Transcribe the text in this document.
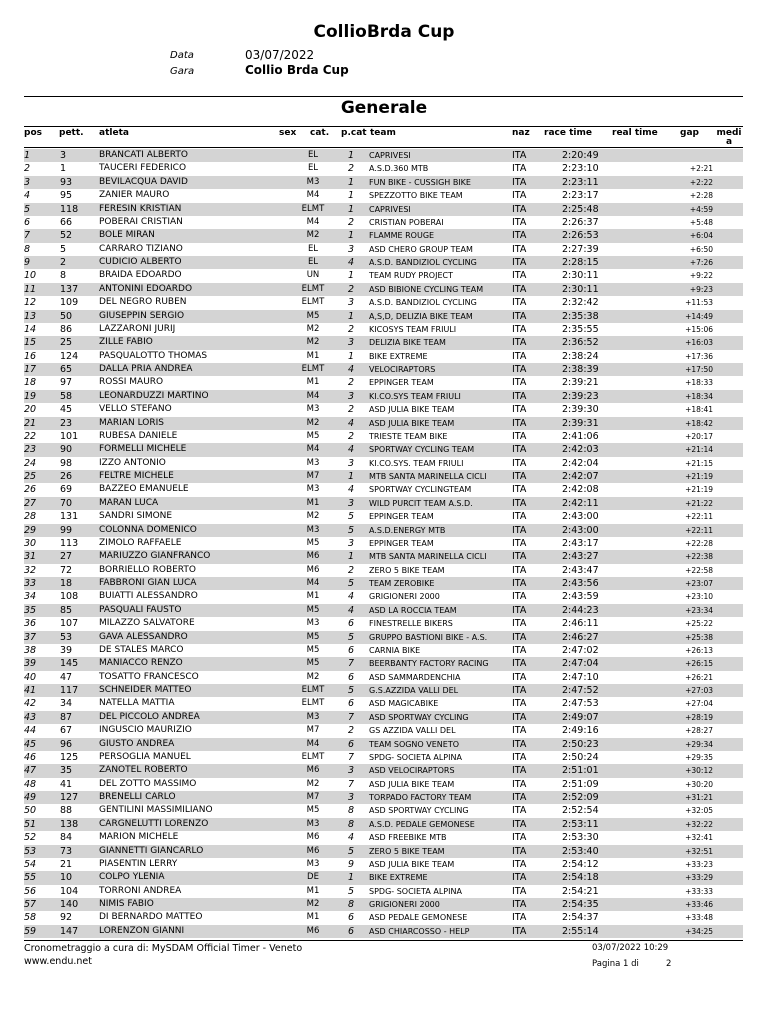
CollioBrda Cup
Data	03/07/2022
Gara	Collio Brda Cup
Generale
pos pett. atleta	sex cat. p.cat team	naz race time real time gap medi a
1	3	BRANCATI ALBERTO	EL	1	CAPRIVESI	ITA	2:20:49
2	1	TAUCERI FEDERICO	EL	2	A.S.D.360 MTB	ITA	2:23:10	+2:21
3	93	BEVILACQUA DAVID	M3	1	FUN BIKE - CUSSIGH BIKE	ITA	2:23:11	+2:22
4	95	ZANIER MAURO	M4	1	SPEZZOTTO BIKE TEAM	ITA	2:23:17	+2:28
5	118 FERESIN KRISTIAN	ELMT	1	CAPRIVESI	ITA	2:25:48	+4:59
6	66	POBERAI CRISTIAN	M4	2	CRISTIAN POBERAI	ITA	2:26:37	+5:48
7	52	BOLE MIRAN	M2	1	FLAMME ROUGE	ITA	2:26:53	+6:04
8	5	CARRARO TIZIANO	EL	3	ASD CHERO GROUP TEAM	ITA	2:27:39	+6:50
9	2	CUDICIO ALBERTO	EL	4	A.S.D. BANDIZIOL CYCLING	ITA	2:28:15	+7:26
10	8	BRAIDA EDOARDO	UN	1	TEAM RUDY PROJECT	ITA	2:30:11	+9:22
11	137 ANTONINI EDOARDO	ELMT	2	ASD BIBIONE CYCLING TEAM	ITA	2:30:11	+9:23
12	109 DEL NEGRO RUBEN	ELMT	3	A.S.D. BANDIZIOL CYCLING	ITA	2:32:42	+11:53
13	50	GIUSEPPIN SERGIO	M5	1	A,S,D, DELIZIA BIKE TEAM	ITA	2:35:38	+14:49
14	86	LAZZARONI JURIJ	M2	2	KICOSYS TEAM FRIULI	ITA	2:35:55	+15:06
15	25	ZILLE FABIO	M2	3	DELIZIA BIKE TEAM	ITA	2:36:52	+16:03
16	124 PASQUALOTTO THOMAS	M1	1	BIKE EXTREME	ITA	2:38:24	+17:36
17	65	DALLA PRIA ANDREA	ELMT	4	VELOCIRAPTORS	ITA	2:38:39	+17:50
18	97	ROSSI MAURO	M1	2	EPPINGER TEAM	ITA	2:39:21	+18:33
19	58	LEONARDUZZI MARTINO	M4	3	KI.CO.SYS TEAM FRIULI	ITA	2:39:23	+18:34
20	45	VELLO STEFANO	M3	2	ASD JULIA BIKE TEAM	ITA	2:39:30	+18:41
21	23	MARIAN LORIS	M2	4	ASD JULIA BIKE TEAM	ITA	2:39:31	+18:42
22	101 RUBESA DANIELE	M5	2	TRIESTE TEAM BIKE	ITA	2:41:06	+20:17
23	90	FORMELLI MICHELE	M4	4	SPORTWAY CYCLING TEAM	ITA	2:42:03	+21:14
24	98	IZZO ANTONIO	M3	3	KI.CO.SYS. TEAM FRIULI	ITA	2:42:04	+21:15
25	26	FELTRE MICHELE	M7	1	MTB SANTA MARINELLA CICLI	ITA	2:42:07	+21:19
26	69	BAZZEO EMANUELE	M3	4	SPORTWAY CYCLINGTEAM	ITA	2:42:08	+21:19
27	70	MARAN LUCA	M1	3	WILD PURCIT TEAM A.S.D.	ITA	2:42:11	+21:22
28	131 SANDRI SIMONE	M2	5	EPPINGER TEAM	ITA	2:43:00	+22:11
29	99	COLONNA DOMENICO	M3	5	A.S.D.ENERGY MTB	ITA	2:43:00	+22:11
30	113 ZIMOLO RAFFAELE	M5	3	EPPINGER TEAM	ITA	2:43:17	+22:28
31	27	MARIUZZO GIANFRANCO	M6	1	MTB SANTA MARINELLA CICLI	ITA	2:43:27	+22:38
32	72	BORRIELLO ROBERTO	M6	2	ZERO 5 BIKE TEAM	ITA	2:43:47	+22:58
33	18	FABBRONI GIAN LUCA	M4	5	TEAM ZEROBIKE	ITA	2:43:56	+23:07
34	108 BUIATTI ALESSANDRO	M1	4	GRIGIONERI 2000	ITA	2:43:59	+23:10
35	85	PASQUALI FAUSTO	M5	4	ASD LA ROCCIA TEAM	ITA	2:44:23	+23:34
36	107 MILAZZO SALVATORE	M3	6	FINESTRELLE BIKERS	ITA	2:46:11	+25:22
37	53	GAVA ALESSANDRO	M5	5	GRUPPO BASTIONI BIKE - A.S.	ITA	2:46:27	+25:38
38	39	DE STALES MARCO	M5	6	CARNIA BIKE	ITA	2:47:02	+26:13
39	145 MANIACCO RENZO	M5	7	BEERBANTY FACTORY RACING ITA	2:47:04	+26:15
40	47	TOSATTO FRANCESCO	M2	6	ASD SAMMARDENCHIA	ITA	2:47:10	+26:21
41	117 SCHNEIDER MATTEO	ELMT	5	G.S.AZZIDA VALLI DEL	ITA	2:47:52	+27:03
42	34	NATELLA MATTIA	ELMT	6	ASD MAGICABIKE	ITA	2:47:53	+27:04
43	87	DEL PICCOLO ANDREA	M3	7	ASD SPORTWAY CYCLING	ITA	2:49:07	+28:19
44	67	INGUSCIO MAURIZIO	M7	2	GS AZZIDA VALLI DEL	ITA	2:49:16	+28:27
45	96	GIUSTO ANDREA	M4	6	TEAM SOGNO VENETO	ITA	2:50:23	+29:34
46	125 PERSOGLIA MANUEL	ELMT	7	SPDG- SOCIETA ALPINA	ITA	2:50:24	+29:35
47	35	ZANOTEL ROBERTO	M6	3	ASD VELOCIRAPTORS	ITA	2:51:01	+30:12
48	41	DEL ZOTTO MASSIMO	M2	7	ASD JULIA BIKE TEAM	ITA	2:51:09	+30:20
49	127 BRENELLI CARLO	M7	3	TORPADO FACTORY TEAM	ITA	2:52:09	+31:21
50	88	GENTILINI MASSIMILIANO	M5	8	ASD SPORTWAY CYCLING	ITA	2:52:54	+32:05
51	138 CARGNELUTTI LORENZO	M3	8	A.S.D. PEDALE GEMONESE	ITA	2:53:11	+32:22
52	84	MARION MICHELE	M6	4	ASD FREEBIKE MTB	ITA	2:53:30	+32:41
53	73	GIANNETTI GIANCARLO	M6	5	ZERO 5 BIKE TEAM	ITA	2:53:40	+32:51
54	21	PIASENTIN LERRY	M3	9	ASD JULIA BIKE TEAM	ITA	2:54:12	+33:23
55	10	COLPO YLENIA	DE	1	BIKE EXTREME	ITA	2:54:18	+33:29
56	104 TORRONI ANDREA	M1	5	SPDG- SOCIETA ALPINA	ITA	2:54:21	+33:33
57	140 NIMIS FABIO	M2	8	GRIGIONERI 2000	ITA	2:54:35	+33:46
58	92	DI BERNARDO MATTEO	M1	6	ASD PEDALE GEMONESE	ITA	2:54:37	+33:48
59	147 LORENZON GIANNI	M6	6	ASD CHIARCOSSO - HELP	ITA	2:55:14	+34:25
Cronometraggio a cura di: MySDAM Official Timer - Veneto
www.endu.net
03/07/2022 10:29
Pagina 1 di	2
